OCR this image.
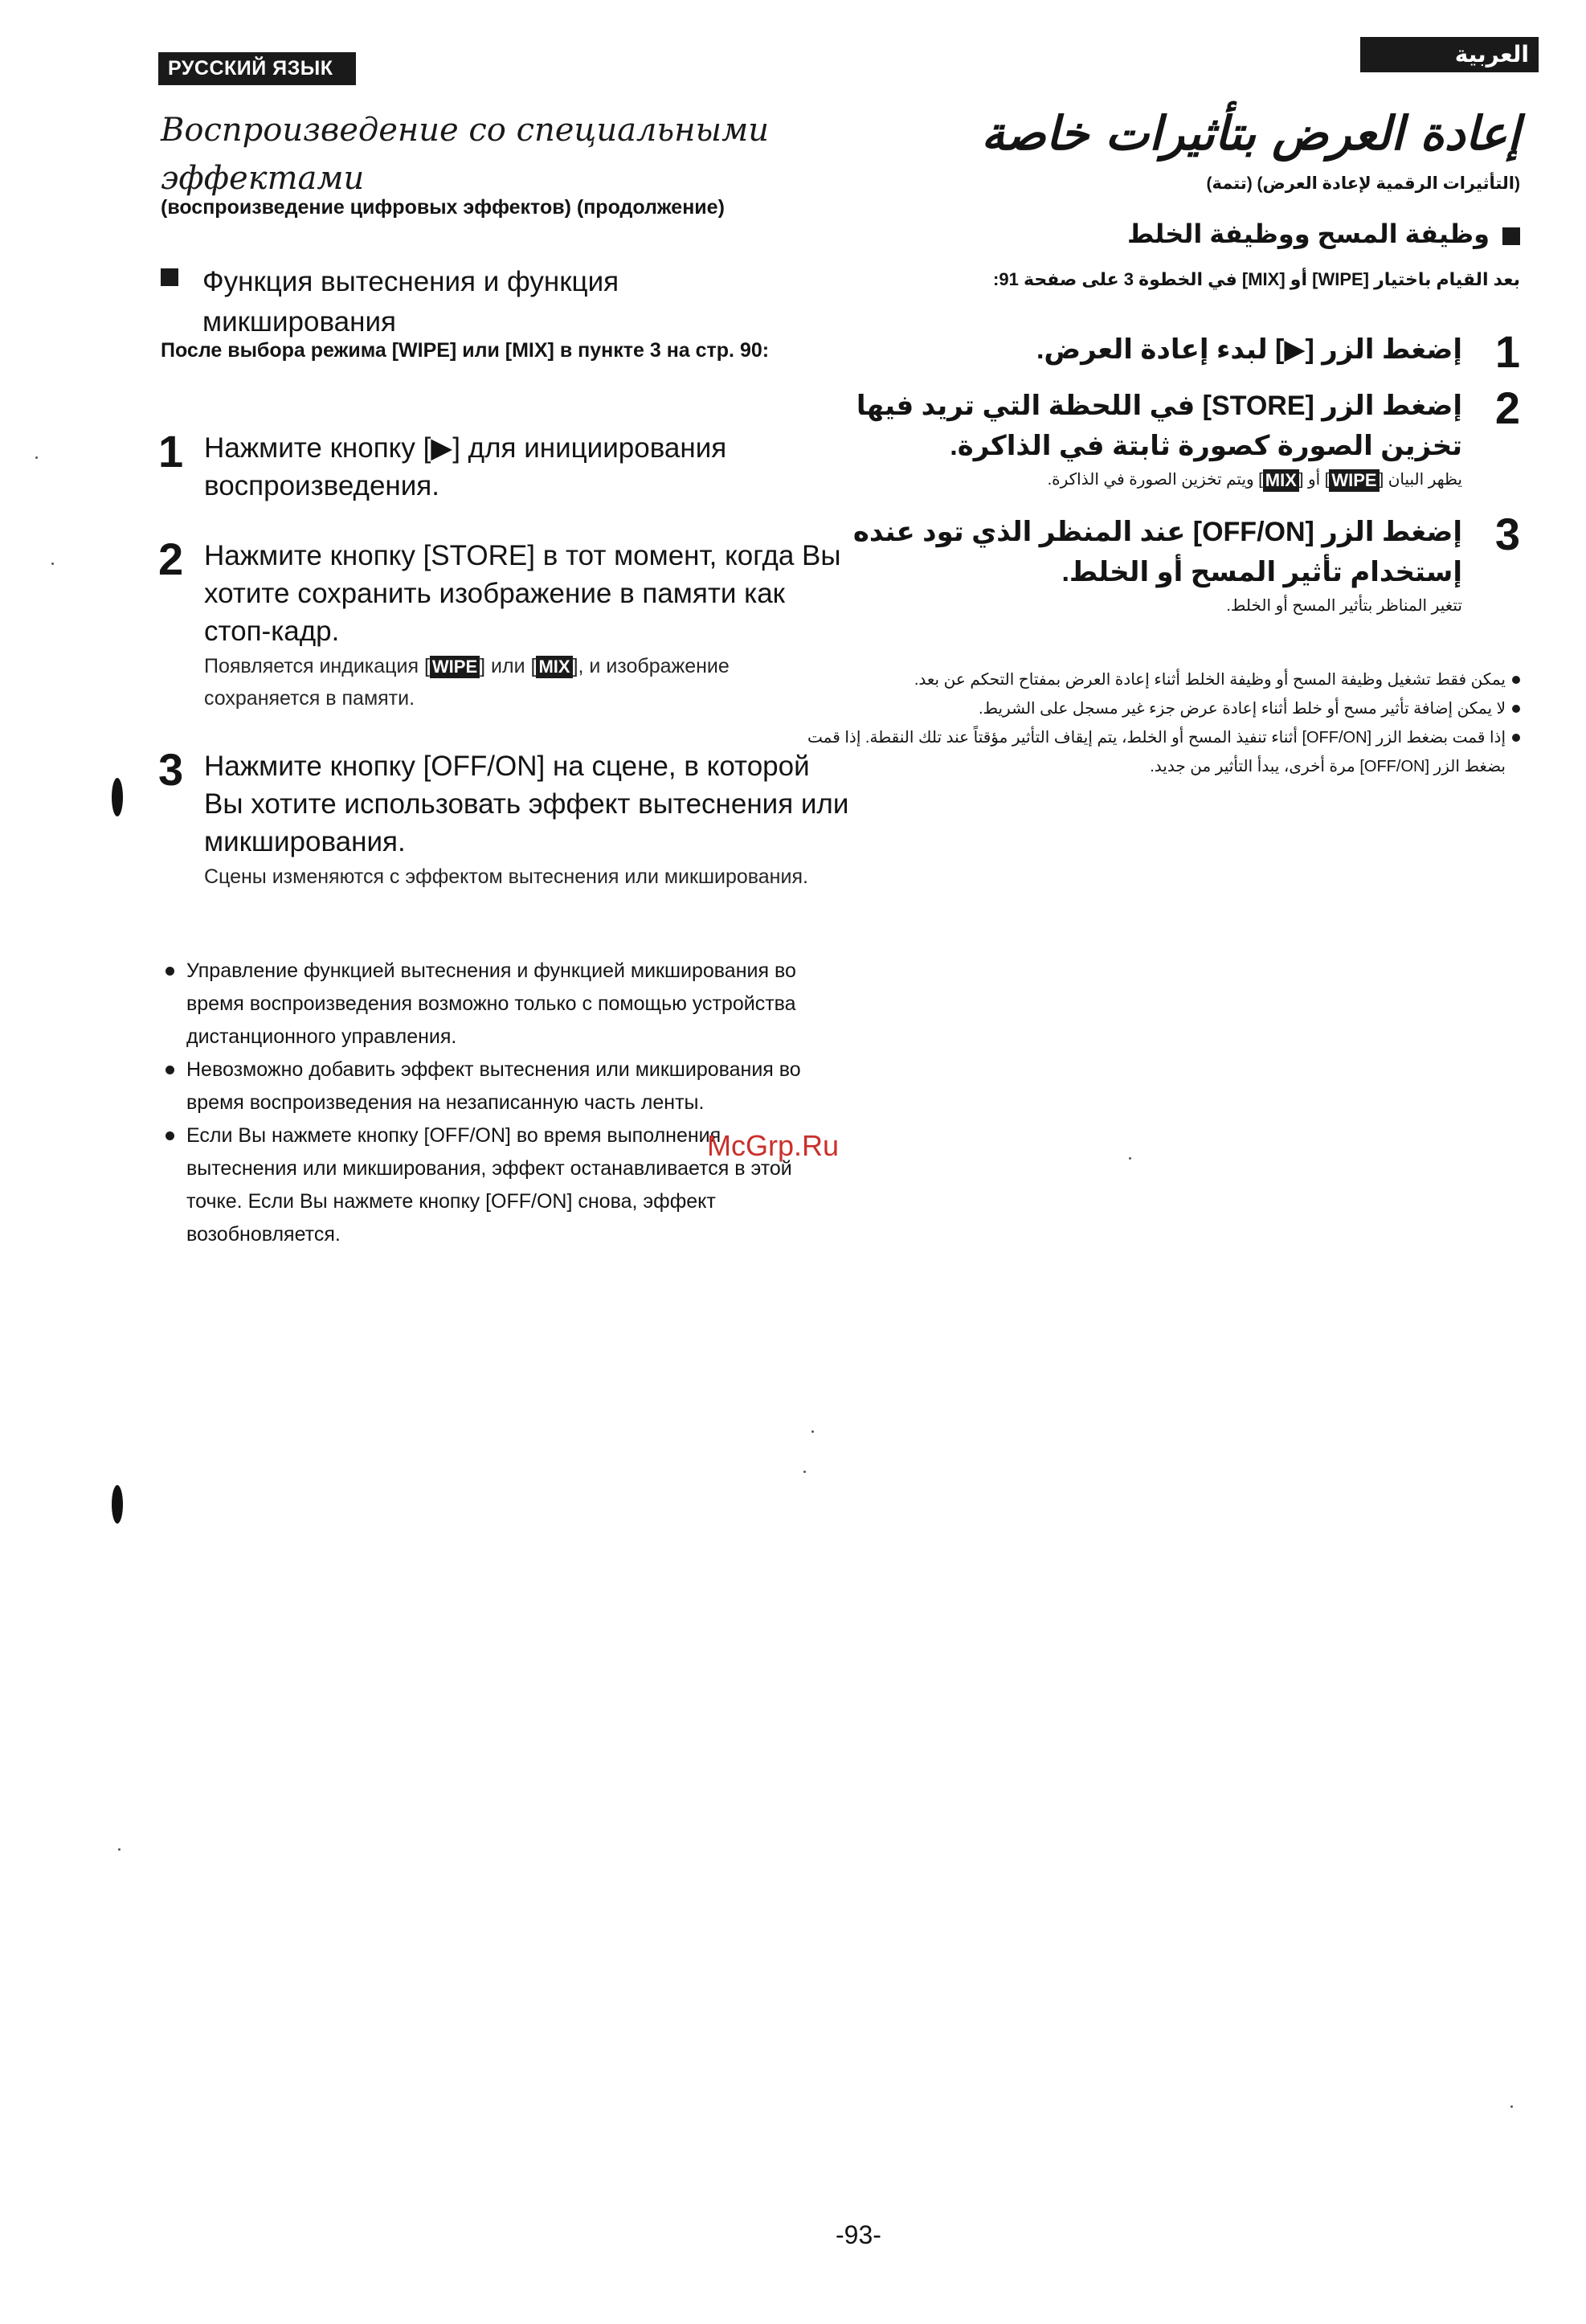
РУССКИЙ ЯЗЫК
Воспроизведение со специальными эффектами
(воспроизведение цифровых эффектов) (продолжение)
Функция вытеснения и функция микширования
После выбора режима [WIPE] или [MIX] в пункте 3 на стр. 90:
1 Нажмите кнопку [▶] для инициирования воспроизведения.
2 Нажмите кнопку [STORE] в тот момент, когда Вы хотите сохранить изображение в памяти как стоп-кадр.
Появляется индикация [ WIPE ] или [ MIX ], и изображение сохраняется в памяти.
3 Нажмите кнопку [OFF/ON] на сцене, в которой Вы хотите использовать эффект вытеснения или микширования.
Сцены изменяются с эффектом вытеснения или микширования.
Управление функцией вытеснения и функцией микширования во время воспроизведения возможно только с помощью устройства дистанционного управления.
Невозможно добавить эффект вытеснения или микширования во время воспроизведения на незаписанную часть ленты.
Если Вы нажмете кнопку [OFF/ON] во время выполнения вытеснения или микширования, эффект останавливается в этой точке. Если Вы нажмете кнопку [OFF/ON] снова, эффект возобновляется.
McGrp.Ru
العربية
إعادة العرض بتأثيرات خاصة
(التأثيرات الرقمية لإعادة العرض) (تتمة)
وظيفة المسح ووظيفة الخلط
بعد القيام باختيار [WIPE] أو [MIX] في الخطوة 3 على صفحة 91:
1
إضغط الزر [▶] لبدء إعادة العرض.
2
إضغط الزر [STORE] في اللحظة التي تريد فيها تخزين الصورة كصورة ثابتة في الذاكرة.
يظهر البيان [WIPE] أو [MIX] ويتم تخزين الصورة في الذاكرة.
3
إضغط الزر [OFF/ON] عند المنظر الذي تود عنده إستخدام تأثير المسح أو الخلط.
تتغير المناظر بتأثير المسح أو الخلط.
يمكن فقط تشغيل وظيفة المسح أو وظيفة الخلط أثناء إعادة العرض بمفتاح التحكم عن بعد.
لا يمكن إضافة تأثير مسح أو خلط أثناء إعادة عرض جزء غير مسجل على الشريط.
إذا قمت بضغط الزر [OFF/ON] أثناء تنفيذ المسح أو الخلط، يتم إيقاف التأثير مؤقتاً عند تلك النقطة. إذا قمت بضغط الزر [OFF/ON] مرة أخرى، يبدأ التأثير من جديد.
-93-
